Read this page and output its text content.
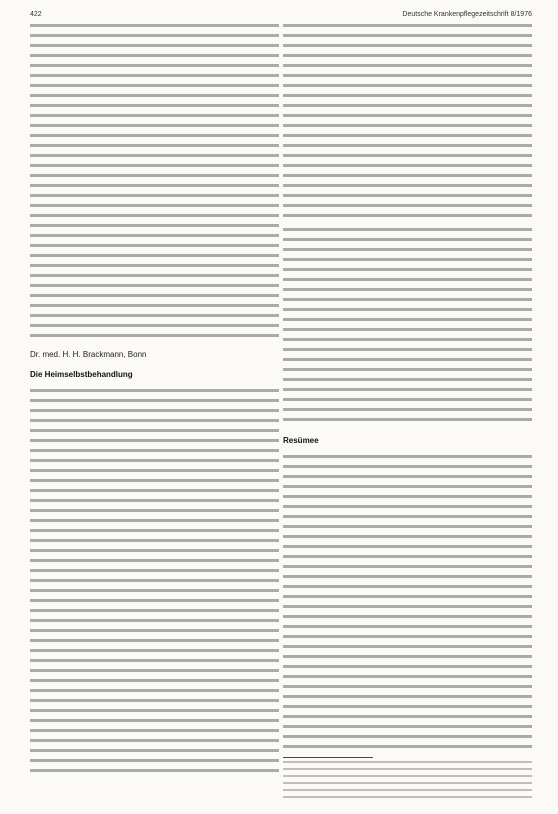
422	Deutsche Krankenpflegezeitschrift 8/1976
Dr. med. H. H. Brackmann, Bonn
Die Heimselbstbehandlung
Resümee
